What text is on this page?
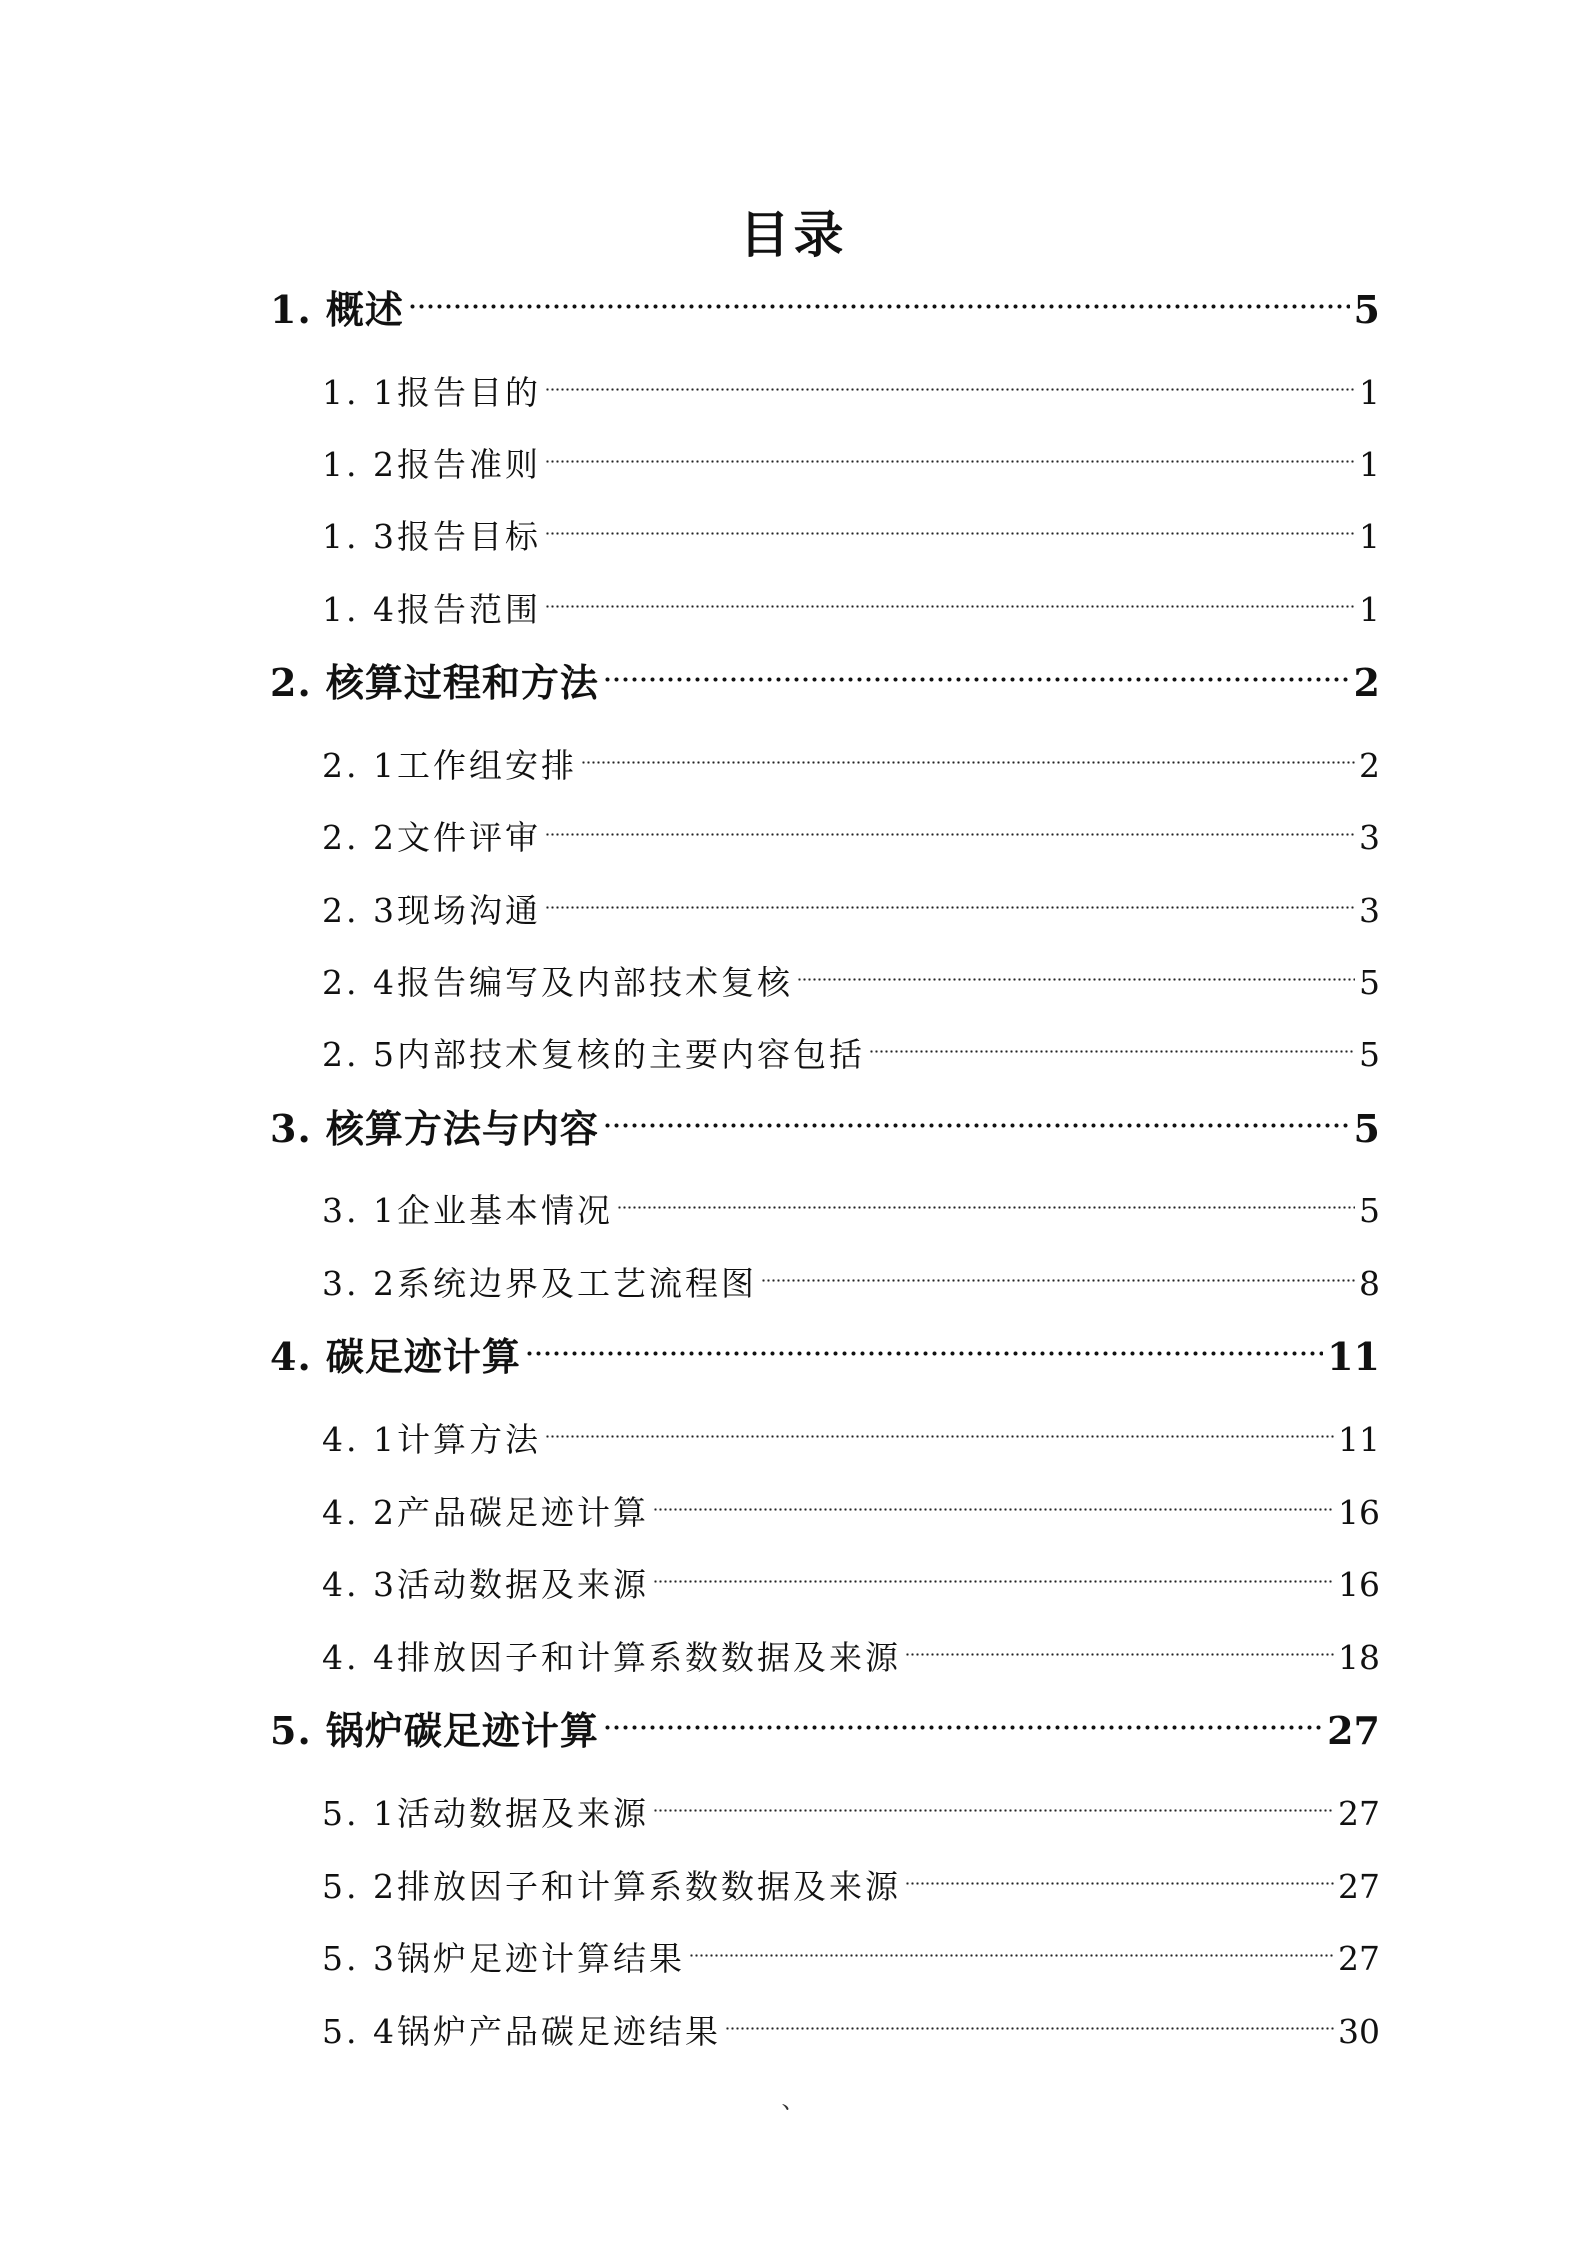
目录
1. 概述	5
1. 1报告目的	1
1. 2报告准则	1
1. 3报告目标	1
1. 4报告范围	1
2. 核算过程和方法	2
2. 1工作组安排	2
2. 2文件评审	3
2. 3现场沟通	3
2. 4报告编写及内部技术复核	5
2. 5内部技术复核的主要内容包括	5
3. 核算方法与内容	5
3. 1企业基本情况	5
3. 2系统边界及工艺流程图	8
4. 碳足迹计算	11
4. 1计算方法	11
4. 2产品碳足迹计算	16
4. 3活动数据及来源	16
4. 4排放因子和计算系数数据及来源	18
5. 锅炉碳足迹计算	27
5. 1活动数据及来源	27
5. 2排放因子和计算系数数据及来源	27
5. 3锅炉足迹计算结果	27
5. 4锅炉产品碳足迹结果	30
、
